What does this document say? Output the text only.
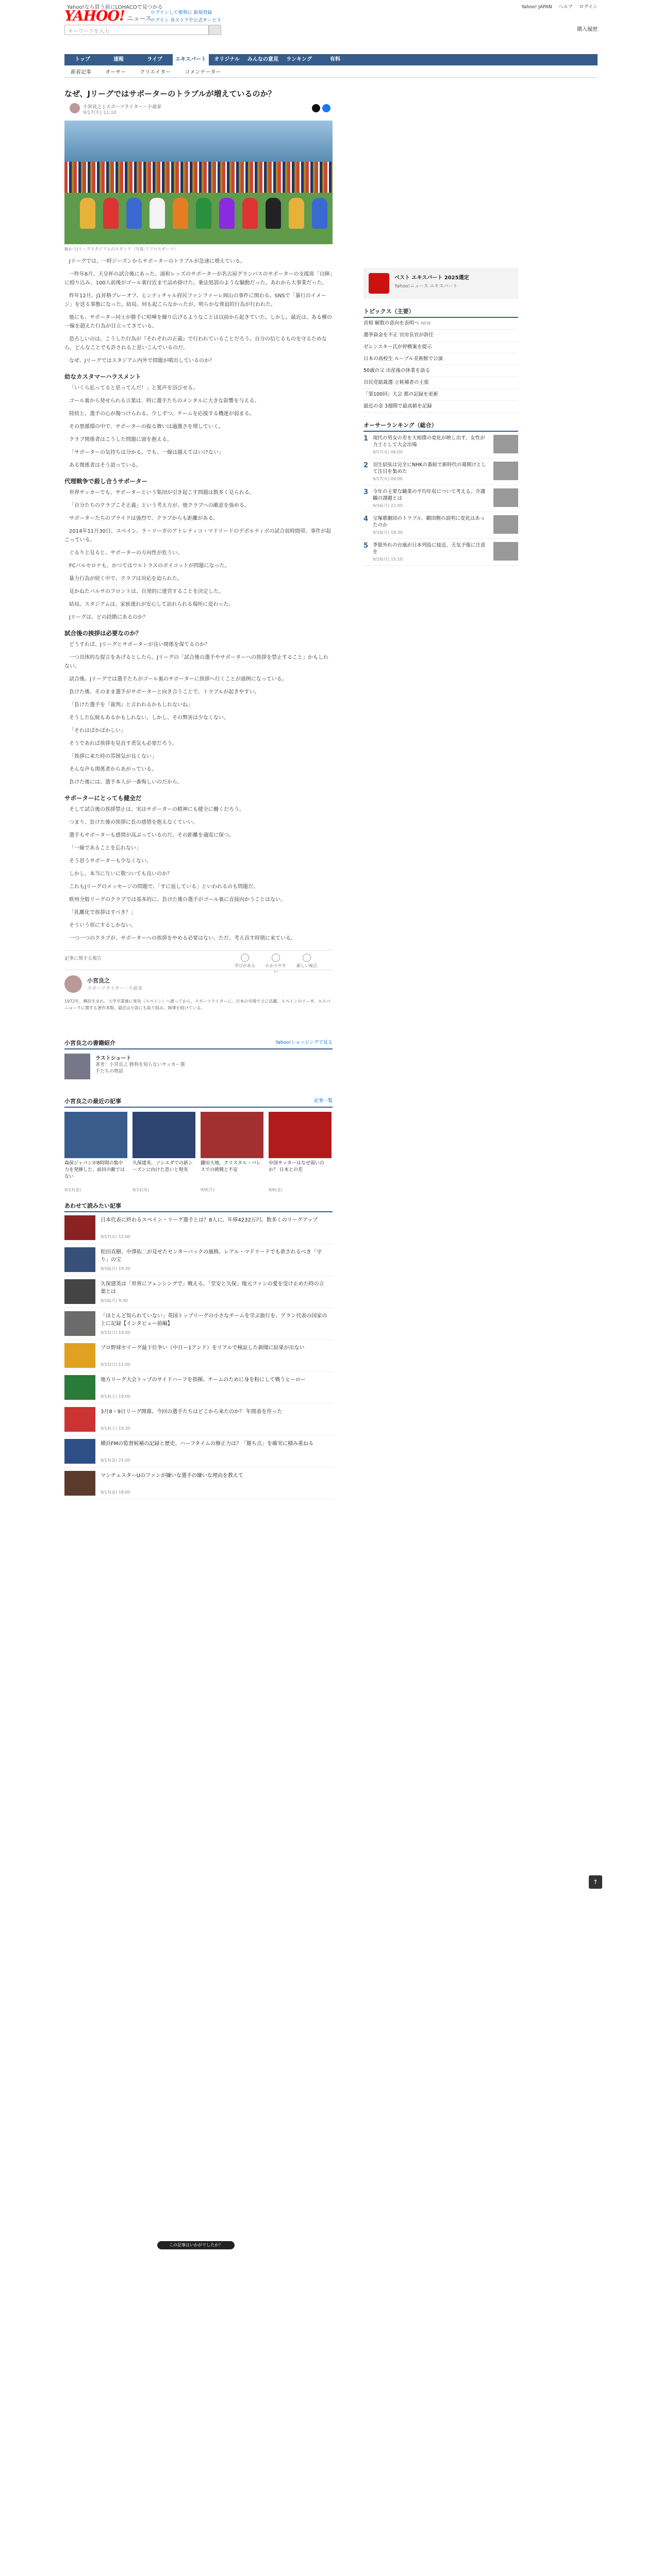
Yahoo!なら買う前にLOHACOで見つかる
YAHOO! ニュース
ログインして便利に 新規登録
ログイン 各ストアや公式サービス
Yahoo! JAPAN ヘルプ ログイン
キーワードを入力	購入履歴
トップ	速報	ライブ	エキスパート	オリジナル	みんなの意見	ランキング	有料
新着記事	オーサー	クリエイター	コメンテーター
なぜ、Jリーグではサポーターのトラブルが増えているのか？
小宮良之 | スポーツライター・小説家
9/17(火) 11:10
賑わうJリーグスタジアムのスタンド（写真:アフロスポーツ）

Jリーグでは、一時ジーズンからサポーターのトラブルが急速に増えている。

一昨年6月、天皇杯の試合後にあった、浦和レッズのサポーターが名古屋グランパスのサポーターの支援席「自陣」に殴り込み、100人前後がゴール裏付近まで詰め掛けた。乗法処罰のような騒動だった。あれから大事業だった。

昨年12月、J1昇格プレーオフ、ヒンティチャル府民ファンファーレ岡山の事件に関わる。SNSで「暴行のイメージ」を送る事態になった。結局、何も起こらなかったが、明らかな脅迫的行為が行われた。

他にも、サポーター同士が勝手に喧嘩を繰り広げるようなことは以前から起きていた。しかし、最近は、ある種の一線を超えた行為が目立ってきている。

恐ろしいのは、こうした行為が『それぞれの正義』で行われていることだろう。自分の信じるものを守るためなら、どんなことでも許されると思いこんでいるのだ。

なぜ、Jリーグではスタジアム内外で問題が噴出しているのか？

幼なカスタマーハラスメント

「いくら払ってると思ってんだ！」と罵声を浴びせる。

ゴール裏から発せられる言葉は、時に選手たちのメンタルに大きな影響を与える。

陸続と、選手の心が傷つけられる。少しずつ、チームを応援する機運が弱まる。

その悪循環の中で、サポーターの振る舞いは過激さを増していく。

クラブ関係者はこうした問題に頭を抱える。

「サポーターの気持ちは分かる。でも、一線は越えてはいけない」

ある関係者はそう語っている。

代理戦争で殺し合うサポーター

世界サッカーでも、サポーターという集団が引き起こす問題は数多く見られる。

「自分たちのクラブこそ正義」という考え方が、他クラブへの敵意を強める。

サポーターたちのプライドは強烈で、クラブからも距離がある。

2014年11月30日、スペイン、ラ・リーガのアトレティコ・マドリードのデポルティボの試合前時間帯、事件が起こっている。

ぐるりと見ると、サポーターの方向性が危うい。

FCバルセロナも、かつてはウルトラスのボイコットが問題になった。

暴力行為が続く中で、クラブは対応を迫られた。

見かねたバルサのフロントは、自発的に運営することを決定した。

結局、スタジアムは、家族連れが安心して訪れられる場所に変わった。

Jリーグは、どの段階にあるのか？

試合後の挨拶は必要なのか？

どうすれば、Jリーグとサポーターが良い関係を保てるのか？

一つ具体的な提言をあげるとしたら、Jリーグの「試合後の選手やサポーターへの挨拶を禁止すること」かもしれない。

試合後、Jリーグでは選手たちがゴール裏のサポーターに挨拶へ行くことが通例になっている。

負けた後、そのまま選手がサポーターと向き合うことで、トラブルが起きやすい。

「負けた選手を『裁判』と言われるかもしれないね」

そうした伝統もあるかもしれない。しかし、その弊害は少なくない。

「それはばかばかしい」

そうであれば挨拶を見直す勇気も必要だろう。

「挨拶に来た時の雰囲気が良くない」

そんな声も関係者からあがっている。

負けた後には、選手本人が一番悔しいのだから。

サポーターにとっても健全だ

そして試合後の挨拶禁止は、実はサポーターの精神にも健全に働くだろう。

つまり、負けた後の挨拶に負の感情を抱えなくていい。

選手もサポーターも感情が高ぶっているのだ。その距離を適度に保つ。

「一線であることを忘れない」

そう思うサポーターも少なくない。

しかし、本当に互いに敬ついても良いのか？

これもJリーグのメッセージの問題で、「すに返している」といわれるのも問題だ。

欧州全般リーグのクラブでは基本的に、負けた後の選手がゴール裏に直接向かうことはない。

「乳離化で挨拶はすべき？」

そういう形にするしかない。

一つ一つのクラブが、サポーターへの挨拶をやめる必要はない。ただ、考え直す時期に来ている。

記事に関する報告
学びがある	わかりやすい
新しい視点
小宮良之
スポーツライター・小説家
1972年、横浜生まれ。大学卒業後に専攻（スペイン）へ渡ってから、スポーツライターに。日本の市場で主に活躍。スペインのリーガ、エスパニョーラに関する著作多数。最近は小説にも取り組み、執筆を続けている。
小宮良之の書籍紹介	Yahoo!ショッピングで見る
ラストシュート
著者：小宮良之 勝利を知らないサッカー選手たちの物語
小宮良之の最近の記事	記事一覧
森保ジャパンが8時間の集中力を発揮した、前回の敵ではない
9/13(金)
久保建英、ソシエダでの新シーズンに向けた思いと現実
9/11(水)
鎌田大地、クリスタル・パレスでの挑戦と不安
9/9(月)
中国サッカーはなぜ弱いのか？ 日本との差
9/6(金)
あわせて読みたい記事
日本代表に終わるスペイン・リーグ選手とは？8人に、年俸4232万円、数多くのリーグアップ
9/17(火) 12:00
松田直樹、中澤佑二が見せたセンターバックの風格。レアル・マドリードでも欲されるべき「守り」の宝
9/16(月) 19:30
久保建英は「世界にフェンシングで」戦える。「堂安と久保」地元ファンの愛を受け止めた時の言葉とは
9/16(月) 9:30
「ほとんど知られていない」英国トップリーグの小さなチームを学ぶ旅行を、アラン代表の国家の上に記録【インタビュー前編】
9/15(日) 14:00
プロ野球セリーグ最下位争い（中日ー1アンド）をリアルで検証した新聞に結果が出ない
9/15(日) 11:00
地方リーグ大会トップのサイドハーフを指揮。チームのために身を粉にして戦うヒーロー
9/14(土) 19:00
3月8・9日リーグ開幕。今回の選手たちはどこから来たのか？ 年間表を作った
9/14(土) 10:30
横浜FMの監督候補の記録と歴史。ハーフタイムの修正力は？「勝ち点」を確実に積み重ねる
9/13(金) 21:00
マンチェスターUのファンが嫌いな選手の嫌いな理由を教えて
9/13(金) 18:00
ベスト エキスパート 2025選定
Yahoo!ニュース エキスパート
トピックス（主要）
首相 解散の意向を表明へ NEW
選挙資金を不正 官房長官が辞任
ゼレンスキー氏が停戦案を提示
日本の高校生 ルーブル美術館で公演
50歳の父 出産後の休業を語る
自民党総裁選 立候補者の主張
「第100回」大会 都の記録を更新
最近の金 3週間で最高値を記録
オーサーランキング（総合）
1 現代の男女の差を大相撲の変化が映し出す、女性が力士として大会出場
9/17(火) 06:00
2 羽生結弦は完全にNHKの番組で新時代の幕開けとして注目を集めた
9/17(火) 09:00
3 今年の主要な職業の平均年収について考える。介護職の課題とは
9/16(月) 22:00
4 宝塚歌劇団のトラブル、劇団側の説明に変化はあったのか
9/16(月) 18:30
5 季節外れの台風が日本列島に接近、天気予報に注意を
9/16(月) 15:10
↑
この記事はいかがでしたか？
